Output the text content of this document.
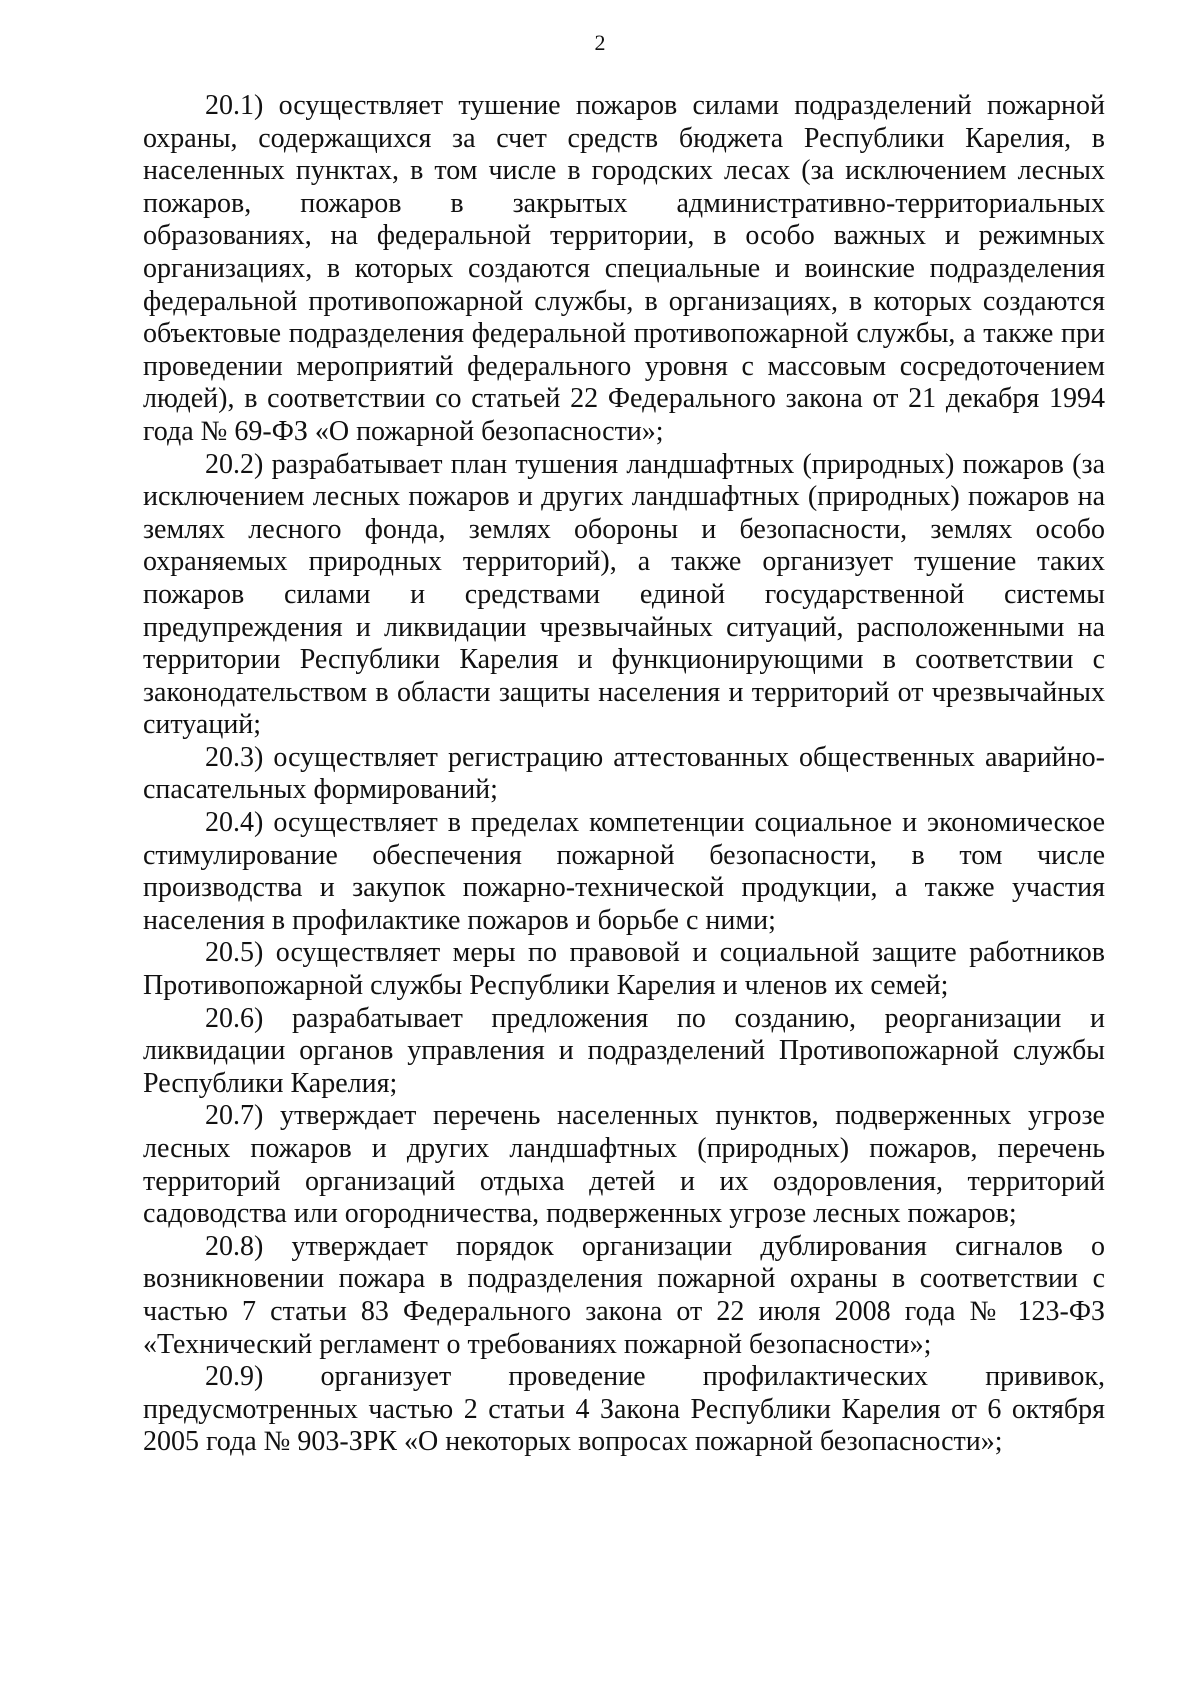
2

20.1) осуществляет тушение пожаров силами подразделений пожарной охраны, содержащихся за счет средств бюджета Республики Карелия, в населенных пунктах, в том числе в городских лесах (за исключением лесных пожаров, пожаров в закрытых административно-территориальных образованиях, на федеральной территории, в особо важных и режимных организациях, в которых создаются специальные и воинские подразделения федеральной противопожарной службы, в организациях, в которых создаются объектовые подразделения федеральной противопожарной службы, а также при проведении мероприятий федерального уровня с массовым сосредоточением людей), в соответствии со статьей 22 Федерального закона от 21 декабря 1994 года № 69-ФЗ «О пожарной безопасности»;

20.2) разрабатывает план тушения ландшафтных (природных) пожаров (за исключением лесных пожаров и других ландшафтных (природных) пожаров на землях лесного фонда, землях обороны и безопасности, землях особо охраняемых природных территорий), а также организует тушение таких пожаров силами и средствами единой государственной системы предупреждения и ликвидации чрезвычайных ситуаций, расположенными на территории Республики Карелия и функционирующими в соответствии с законодательством в области защиты населения и территорий от чрезвычайных ситуаций;

20.3) осуществляет регистрацию аттестованных общественных аварийно-спасательных формирований;

20.4) осуществляет в пределах компетенции социальное и экономическое стимулирование обеспечения пожарной безопасности, в том числе производства и закупок пожарно-технической продукции, а также участия населения в профилактике пожаров и борьбе с ними;

20.5) осуществляет меры по правовой и социальной защите работников Противопожарной службы Республики Карелия и членов их семей;

20.6) разрабатывает предложения по созданию, реорганизации и ликвидации органов управления и подразделений Противопожарной службы Республики Карелия;

20.7) утверждает перечень населенных пунктов, подверженных угрозе лесных пожаров и других ландшафтных (природных) пожаров, перечень территорий организаций отдыха детей и их оздоровления, территорий садоводства или огородничества, подверженных угрозе лесных пожаров;

20.8) утверждает порядок организации дублирования сигналов о возникновении пожара в подразделения пожарной охраны в соответствии с частью 7 статьи 83 Федерального закона от 22 июля 2008 года № 123-ФЗ «Технический регламент о требованиях пожарной безопасности»;

20.9) организует проведение профилактических прививок, предусмотренных частью 2 статьи 4 Закона Республики Карелия от 6 октября 2005 года № 903-ЗРК «О некоторых вопросах пожарной безопасности»;
